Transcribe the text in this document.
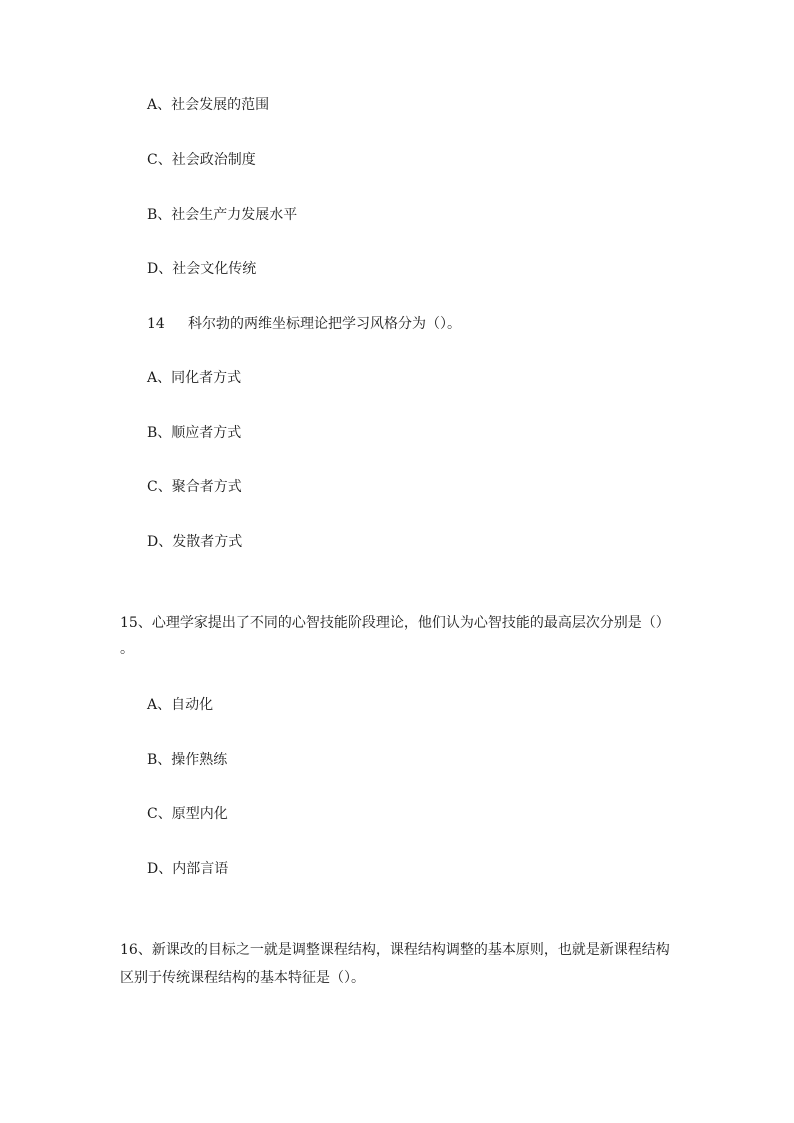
A、社会发展的范围
C、社会政治制度
B、社会生产力发展水平
D、社会文化传统
14 科尔勃的两维坐标理论把学习风格分为（）。
A、同化者方式
B、顺应者方式
C、聚合者方式
D、发散者方式
15、心理学家提出了不同的心智技能阶段理论，他们认为心智技能的最高层次分别是（）
。
A、自动化
B、操作熟练
C、原型内化
D、内部言语
16、新课改的目标之一就是调整课程结构，课程结构调整的基本原则，也就是新课程结构
区别于传统课程结构的基本特征是（）。
